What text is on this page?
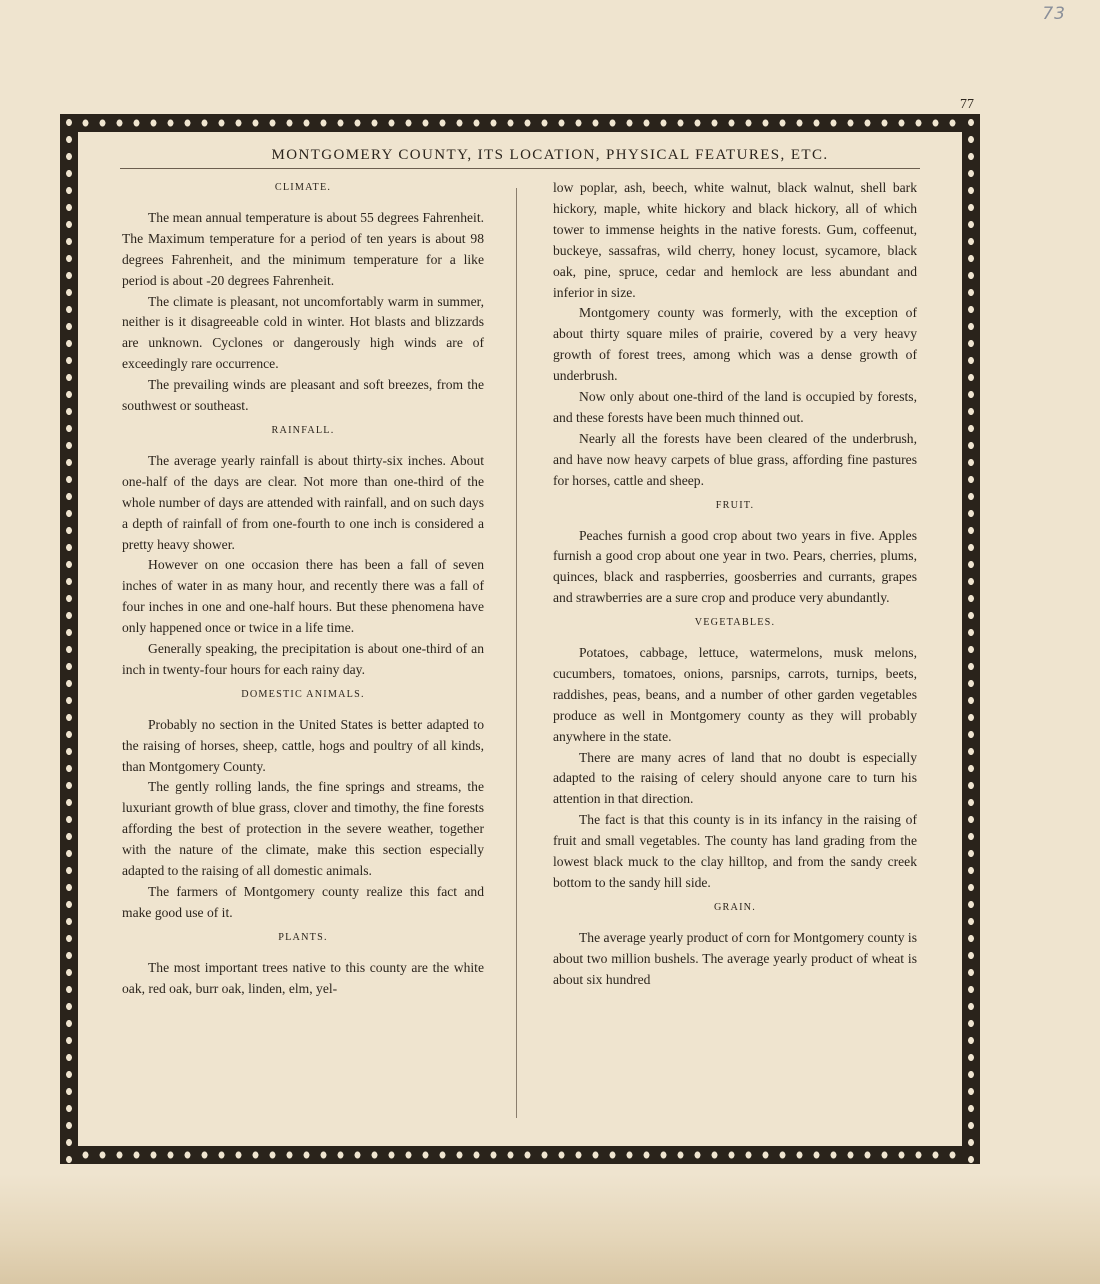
73
77
MONTGOMERY COUNTY, ITS LOCATION, PHYSICAL FEATURES, ETC.
CLIMATE.

The mean annual temperature is about 55 degrees Fahrenheit. The Maximum temperature for a period of ten years is about 98 degrees Fahrenheit, and the minimum temperature for a like period is about -20 degrees Fahrenheit.

The climate is pleasant, not uncomfortably warm in summer, neither is it disagreeable cold in winter. Hot blasts and blizzards are unknown. Cyclones or dangerously high winds are of exceedingly rare occurrence.

The prevailing winds are pleasant and soft breezes, from the southwest or southeast.

RAINFALL.

The average yearly rainfall is about thirty-six inches. About one-half of the days are clear. Not more than one-third of the whole number of days are attended with rainfall, and on such days a depth of rainfall of from one-fourth to one inch is considered a pretty heavy shower.

However on one occasion there has been a fall of seven inches of water in as many hour, and recently there was a fall of four inches in one and one-half hours. But these phenomena have only happened once or twice in a life time.

Generally speaking, the precipitation is about one-third of an inch in twenty-four hours for each rainy day.

DOMESTIC ANIMALS.

Probably no section in the United States is better adapted to the raising of horses, sheep, cattle, hogs and poultry of all kinds, than Montgomery County.

The gently rolling lands, the fine springs and streams, the luxuriant growth of blue grass, clover and timothy, the fine forests affording the best of protection in the severe weather, together with the nature of the climate, make this section especially adapted to the raising of all domestic animals.

The farmers of Montgomery county realize this fact and make good use of it.

PLANTS.

The most important trees native to this county are the white oak, red oak, burr oak, linden, elm, yel-

low poplar, ash, beech, white walnut, black walnut, shell bark hickory, maple, white hickory and black hickory, all of which tower to immense heights in the native forests. Gum, coffeenut, buckeye, sassafras, wild cherry, honey locust, sycamore, black oak, pine, spruce, cedar and hemlock are less abundant and inferior in size.

Montgomery county was formerly, with the exception of about thirty square miles of prairie, covered by a very heavy growth of forest trees, among which was a dense growth of underbrush.

Now only about one-third of the land is occupied by forests, and these forests have been much thinned out.

Nearly all the forests have been cleared of the underbrush, and have now heavy carpets of blue grass, affording fine pastures for horses, cattle and sheep.

FRUIT.

Peaches furnish a good crop about two years in five. Apples furnish a good crop about one year in two. Pears, cherries, plums, quinces, black and raspberries, goosberries and currants, grapes and strawberries are a sure crop and produce very abundantly.

VEGETABLES.

Potatoes, cabbage, lettuce, watermelons, musk melons, cucumbers, tomatoes, onions, parsnips, carrots, turnips, beets, raddishes, peas, beans, and a number of other garden vegetables produce as well in Montgomery county as they will probably anywhere in the state.

There are many acres of land that no doubt is especially adapted to the raising of celery should anyone care to turn his attention in that direction.

The fact is that this county is in its infancy in the raising of fruit and small vegetables. The county has land grading from the lowest black muck to the clay hilltop, and from the sandy creek bottom to the sandy hill side.

GRAIN.

The average yearly product of corn for Montgomery county is about two million bushels. The average yearly product of wheat is about six hundred
